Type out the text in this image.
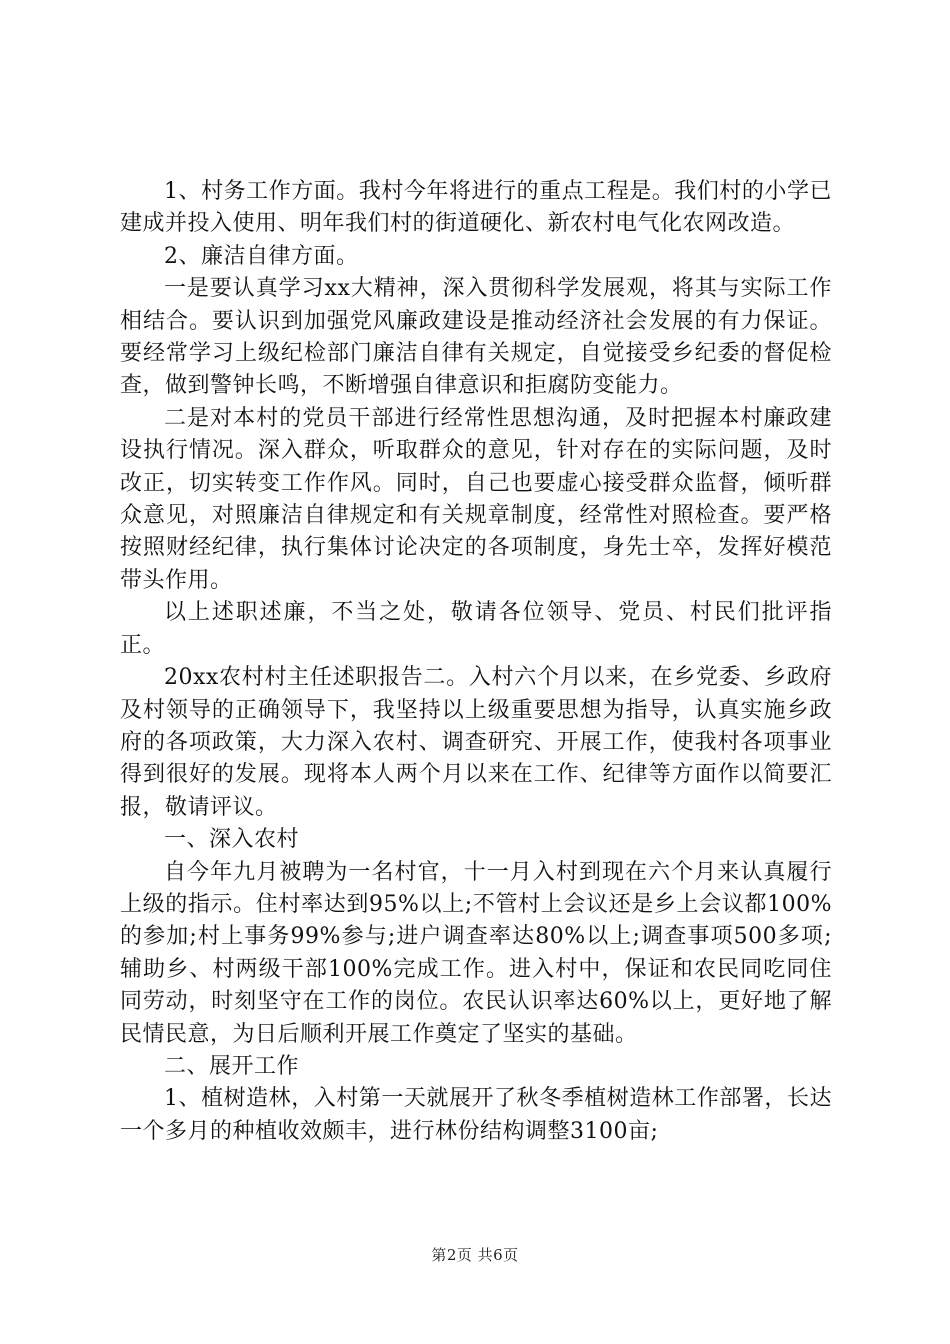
1、村务工作方面。我村今年将进行的重点工程是。我们村的小学已建成并投入使用、明年我们村的街道硬化、新农村电气化农网改造。

2、廉洁自律方面。

一是要认真学习xx大精神，深入贯彻科学发展观，将其与实际工作相结合。要认识到加强党风廉政建设是推动经济社会发展的有力保证。要经常学习上级纪检部门廉洁自律有关规定，自觉接受乡纪委的督促检查，做到警钟长鸣，不断增强自律意识和拒腐防变能力。

二是对本村的党员干部进行经常性思想沟通，及时把握本村廉政建设执行情况。深入群众，听取群众的意见，针对存在的实际问题，及时改正，切实转变工作作风。同时，自己也要虚心接受群众监督，倾听群众意见，对照廉洁自律规定和有关规章制度，经常性对照检查。要严格按照财经纪律，执行集体讨论决定的各项制度，身先士卒，发挥好模范带头作用。

以上述职述廉，不当之处，敬请各位领导、党员、村民们批评指正。

20xx农村村主任述职报告二。入村六个月以来，在乡党委、乡政府及村领导的正确领导下，我坚持以上级重要思想为指导，认真实施乡政府的各项政策，大力深入农村、调查研究、开展工作，使我村各项事业得到很好的发展。现将本人两个月以来在工作、纪律等方面作以简要汇报，敬请评议。

一、深入农村

自今年九月被聘为一名村官，十一月入村到现在六个月来认真履行上级的指示。住村率达到95%以上;不管村上会议还是乡上会议都100%的参加;村上事务99%参与;进户调查率达80%以上;调查事项500多项;辅助乡、村两级干部100%完成工作。进入村中，保证和农民同吃同住同劳动，时刻坚守在工作的岗位。农民认识率达60%以上，更好地了解民情民意，为日后顺利开展工作奠定了坚实的基础。

二、展开工作

1、植树造林，入村第一天就展开了秋冬季植树造林工作部署，长达一个多月的种植收效颇丰，进行林份结构调整3100亩;

第2页 共6页
